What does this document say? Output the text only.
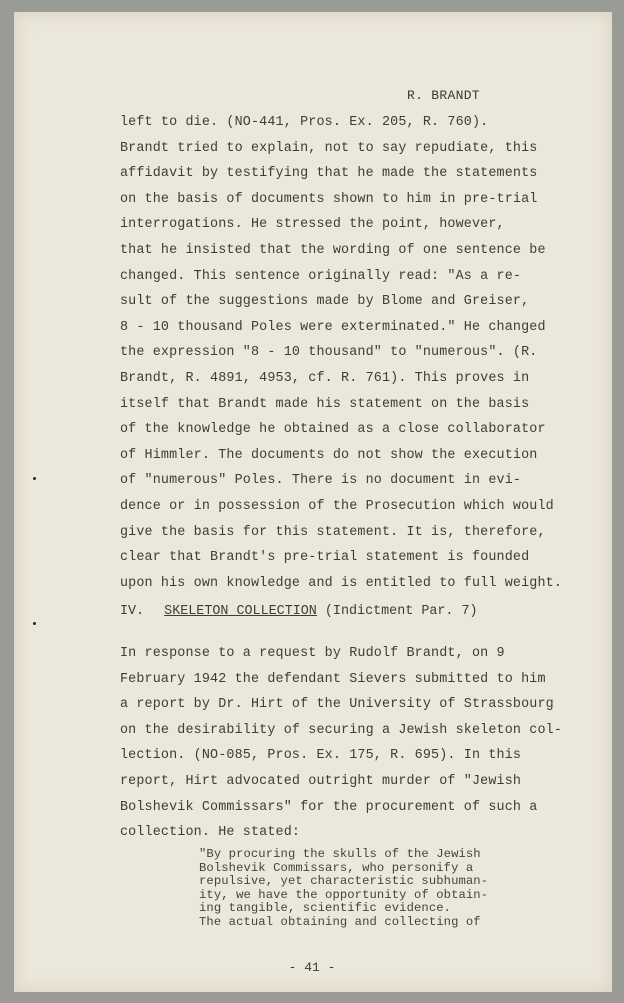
R. BRANDT
left to die. (NO-441, Pros. Ex. 205, R. 760).
Brandt tried to explain, not to say repudiate, this
affidavit by testifying that he made the statements
on the basis of documents shown to him in pre-trial
interrogations. He stressed the point, however,
that he insisted that the wording of one sentence be
changed. This sentence originally read: "As a re-
sult of the suggestions made by Blome and Greiser,
8 - 10 thousand Poles were exterminated." He changed
the expression "8 - 10 thousand" to "numerous". (R.
Brandt, R. 4891, 4953, cf. R. 761). This proves in
itself that Brandt made his statement on the basis
of the knowledge he obtained as a close collaborator
of Himmler. The documents do not show the execution
of "numerous" Poles. There is no document in evi-
dence or in possession of the Prosecution which would
give the basis for this statement. It is, therefore,
clear that Brandt's pre-trial statement is founded
upon his own knowledge and is entitled to full weight.
IV. SKELETON COLLECTION (Indictment Par. 7)
In response to a request by Rudolf Brandt, on 9
February 1942 the defendant Sievers submitted to him
a report by Dr. Hirt of the University of Strassbourg
on the desirability of securing a Jewish skeleton col-
lection. (NO-085, Pros. Ex. 175, R. 695). In this
report, Hirt advocated outright murder of "Jewish
Bolshevik Commissars" for the procurement of such a
collection. He stated:
"By procuring the skulls of the Jewish
Bolshevik Commissars, who personify a
repulsive, yet characteristic subhuman-
ity, we have the opportunity of obtain-
ing tangible, scientific evidence.
The actual obtaining and collecting of
- 41 -
